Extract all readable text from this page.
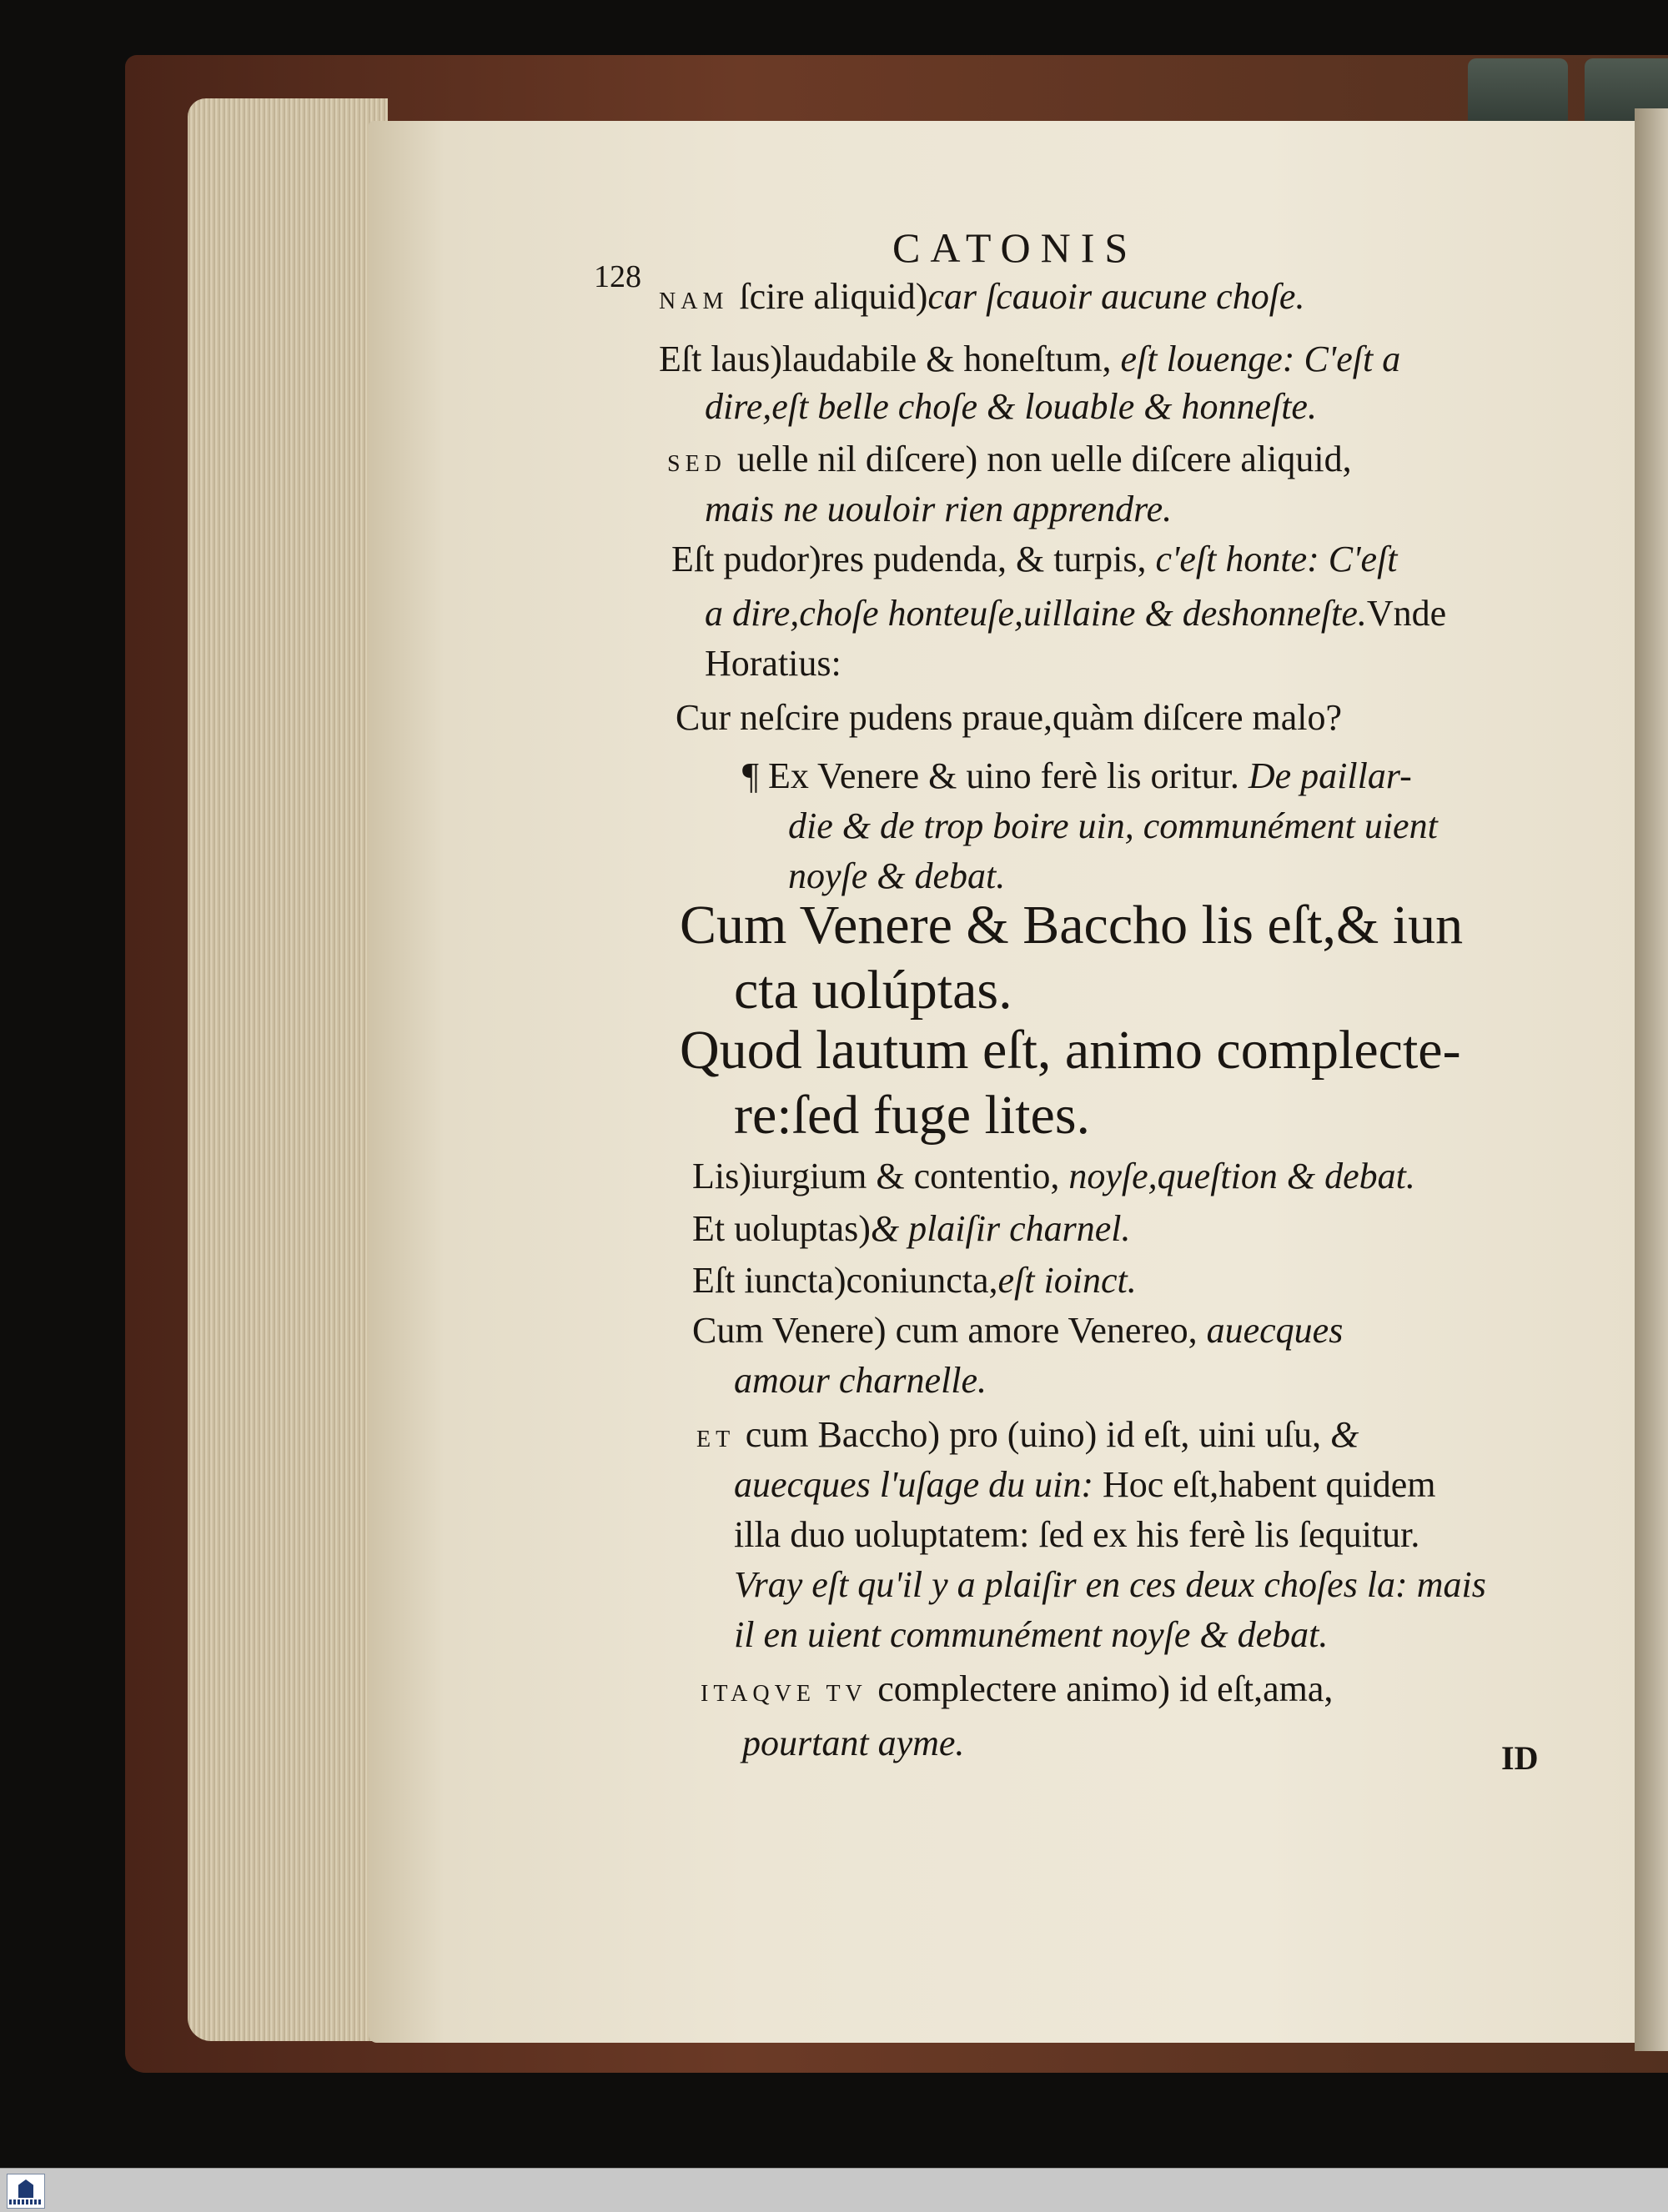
128
CATONIS
NAM ſcire aliquid)car ſcauoir aucune choſe.
Eſt laus)laudabile & honeſtum, eſt louenge: C'eſt a
dire,eſt belle choſe & louable & honneſte.
SED uelle nil diſcere) non uelle diſcere aliquid,
mais ne uouloir rien apprendre.
Eſt pudor)res pudenda, & turpis, c'eſt honte: C'eſt
a dire,choſe honteuſe,uillaine & deshonneſte.Vnde
Horatius:
Cur neſcire pudens praue,quàm diſcere malo?
¶ Ex Venere & uino ferè lis oritur. De paillar-
die & de trop boire uin, communément uient
noyſe & debat.
Cum Venere & Baccho lis eſt,& iun
cta uolúptas.
Quod lautum eſt, animo complecte-
re:ſed fuge lites.
Lis)iurgium & contentio, noyſe,queſtion & debat.
Et uoluptas)& plaiſir charnel.
Eſt iuncta)coniuncta,eſt ioinct.
Cum Venere) cum amore Venereo, auecques
amour charnelle.
ET cum Baccho) pro (uino) id eſt, uini uſu, &
auecques l'uſage du uin: Hoc eſt,habent quidem
illa duo uoluptatem: ſed ex his ferè lis ſequitur.
Vray eſt qu'il y a plaiſir en ces deux choſes la: mais
il en uient communément noyſe & debat.
ITAQVE TV complectere animo) id eſt,ama,
pourtant ayme.	ID
